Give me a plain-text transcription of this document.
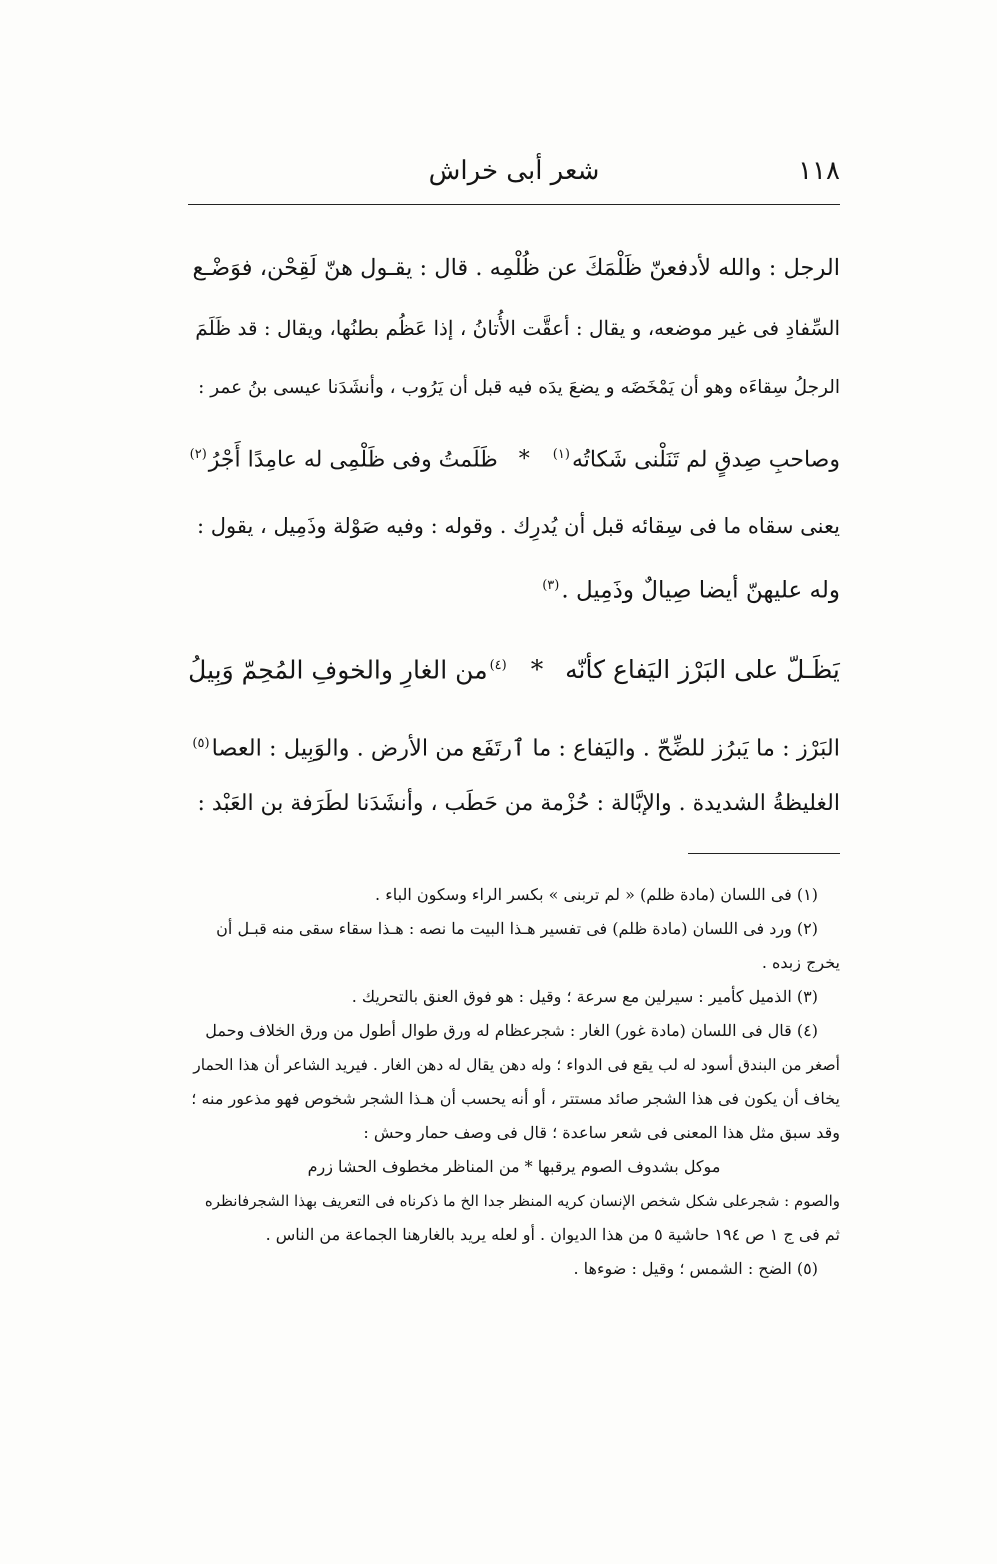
١١٨
شعر أبى خراش
الرجل : والله لأدفعنّ ظَلْمَكَ عن ظُلْمِه . قال : يقـول هنّ لَقِحْن، فوَضْـع
السِّفادِ فى غير موضعه، و يقال : أعقَّت الأُتانُ ، إذا عَظُم بطنُها، ويقال : قد ظَلَمَ
الرجلُ سِقاءَه وهو أن يَمْخَضَه و يضعَ يدَه فيه قبل أن يَرُوب ، وأنشَدَنا عيسى بنُ عمر :
وصاحبِ صِدقٍ لم تَنَلْنى شَكاتُه$^{(١)}$ * ظَلَمتُ وفى ظَلْمِى له عامِدًا أَجْرُ$^{(٢)}$
يعنى سقاه ما فى سِقائه قبل أن يُدرِك . وقوله : وفيه صَوْلة وذَمِيل ، يقول :
وله عليهنّ أيضا صِيالٌ وذَمِيل .$^{(٣)}$
يَظَـلّ على البَرْز اليَفاع كأنّه * $^{(٤)}$من الغارِ والخوفِ المُحِمّ وَبِيلُ
البَرْز : ما يَبرُز للضِّحّ . واليَفاع : ما ٱرتَفَع من الأرض . والوَبِيل : العصا$^{(٥)}$
الغليظةُ الشديدة . والإبَّالة : حُزْمة من حَطَب ، وأنشَدَنا لطَرَفة بن العَبْد :
(١) فى اللسان (مادة ظلم) « لم تربنى » بكسر الراء وسكون الباء .
(٢) ورد فى اللسان (مادة ظلم) فى تفسير هـذا البيت ما نصه : هـذا سقاء سقى منه قبـل أن
يخرج زبده .
(٣) الذميل كأمير : سيرلين مع سرعة ؛ وقيل : هو فوق العنق بالتحريك .
(٤) قال فى اللسان (مادة غور) الغار : شجرعظام له ورق طوال أطول من ورق الخلاف وحمل
أصغر من البندق أسود له لب يقع فى الدواء ؛ وله دهن يقال له دهن الغار . فيريد الشاعر أن هذا الحمار
يخاف أن يكون فى هذا الشجر صائد مستتر ، أو أنه يحسب أن هـذا الشجر شخوص فهو مذعور منه ؛
وقد سبق مثل هذا المعنى فى شعر ساعدة ؛ قال فى وصف حمار وحش :
موكل بشدوف الصوم يرقبها * من المناظر مخطوف الحشا زرم
والصوم : شجرعلى شكل شخص الإنسان كريه المنظر جدا الخ ما ذكرناه فى التعريف بهذا الشجرفانظره
ثم فى ج ١ ص ١٩٤ حاشية ٥ من هذا الديوان . أو لعله يريد بالغارهنا الجماعة من الناس .
(٥) الضح : الشمس ؛ وقيل : ضوءها .
